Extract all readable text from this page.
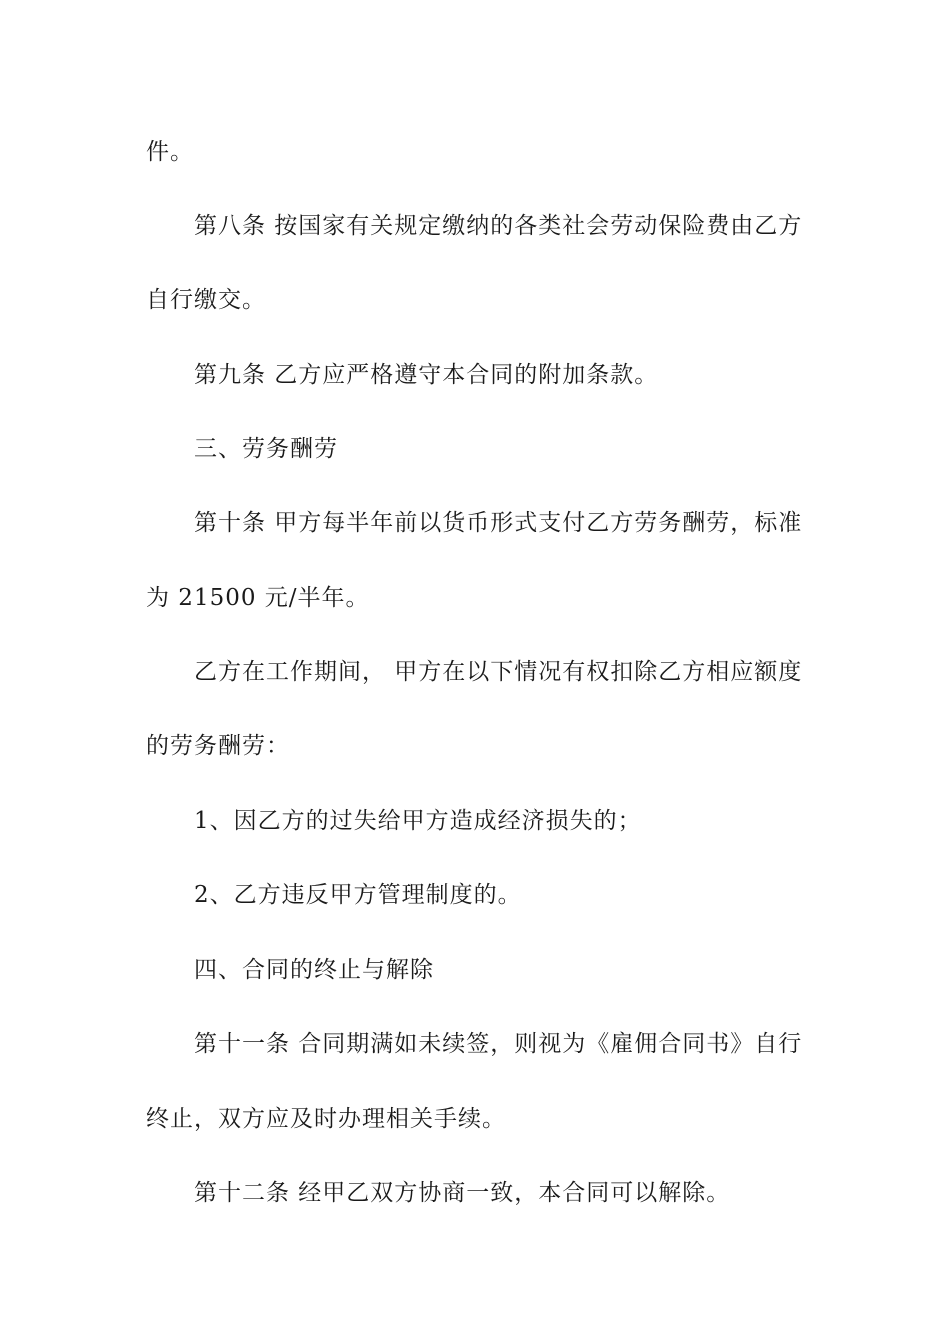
件。
第八条 按国家有关规定缴纳的各类社会劳动保险费由乙方
自行缴交。
第九条 乙方应严格遵守本合同的附加条款。
三、劳务酬劳
第十条 甲方每半年前以货币形式支付乙方劳务酬劳，标准
为 21500 元/半年。
乙方在工作期间， 甲方在以下情况有权扣除乙方相应额度
的劳务酬劳：
1、因乙方的过失给甲方造成经济损失的；
2、乙方违反甲方管理制度的。
四、合同的终止与解除
第十一条 合同期满如未续签，则视为《雇佣合同书》自行
终止，双方应及时办理相关手续。
第十二条 经甲乙双方协商一致，本合同可以解除。
